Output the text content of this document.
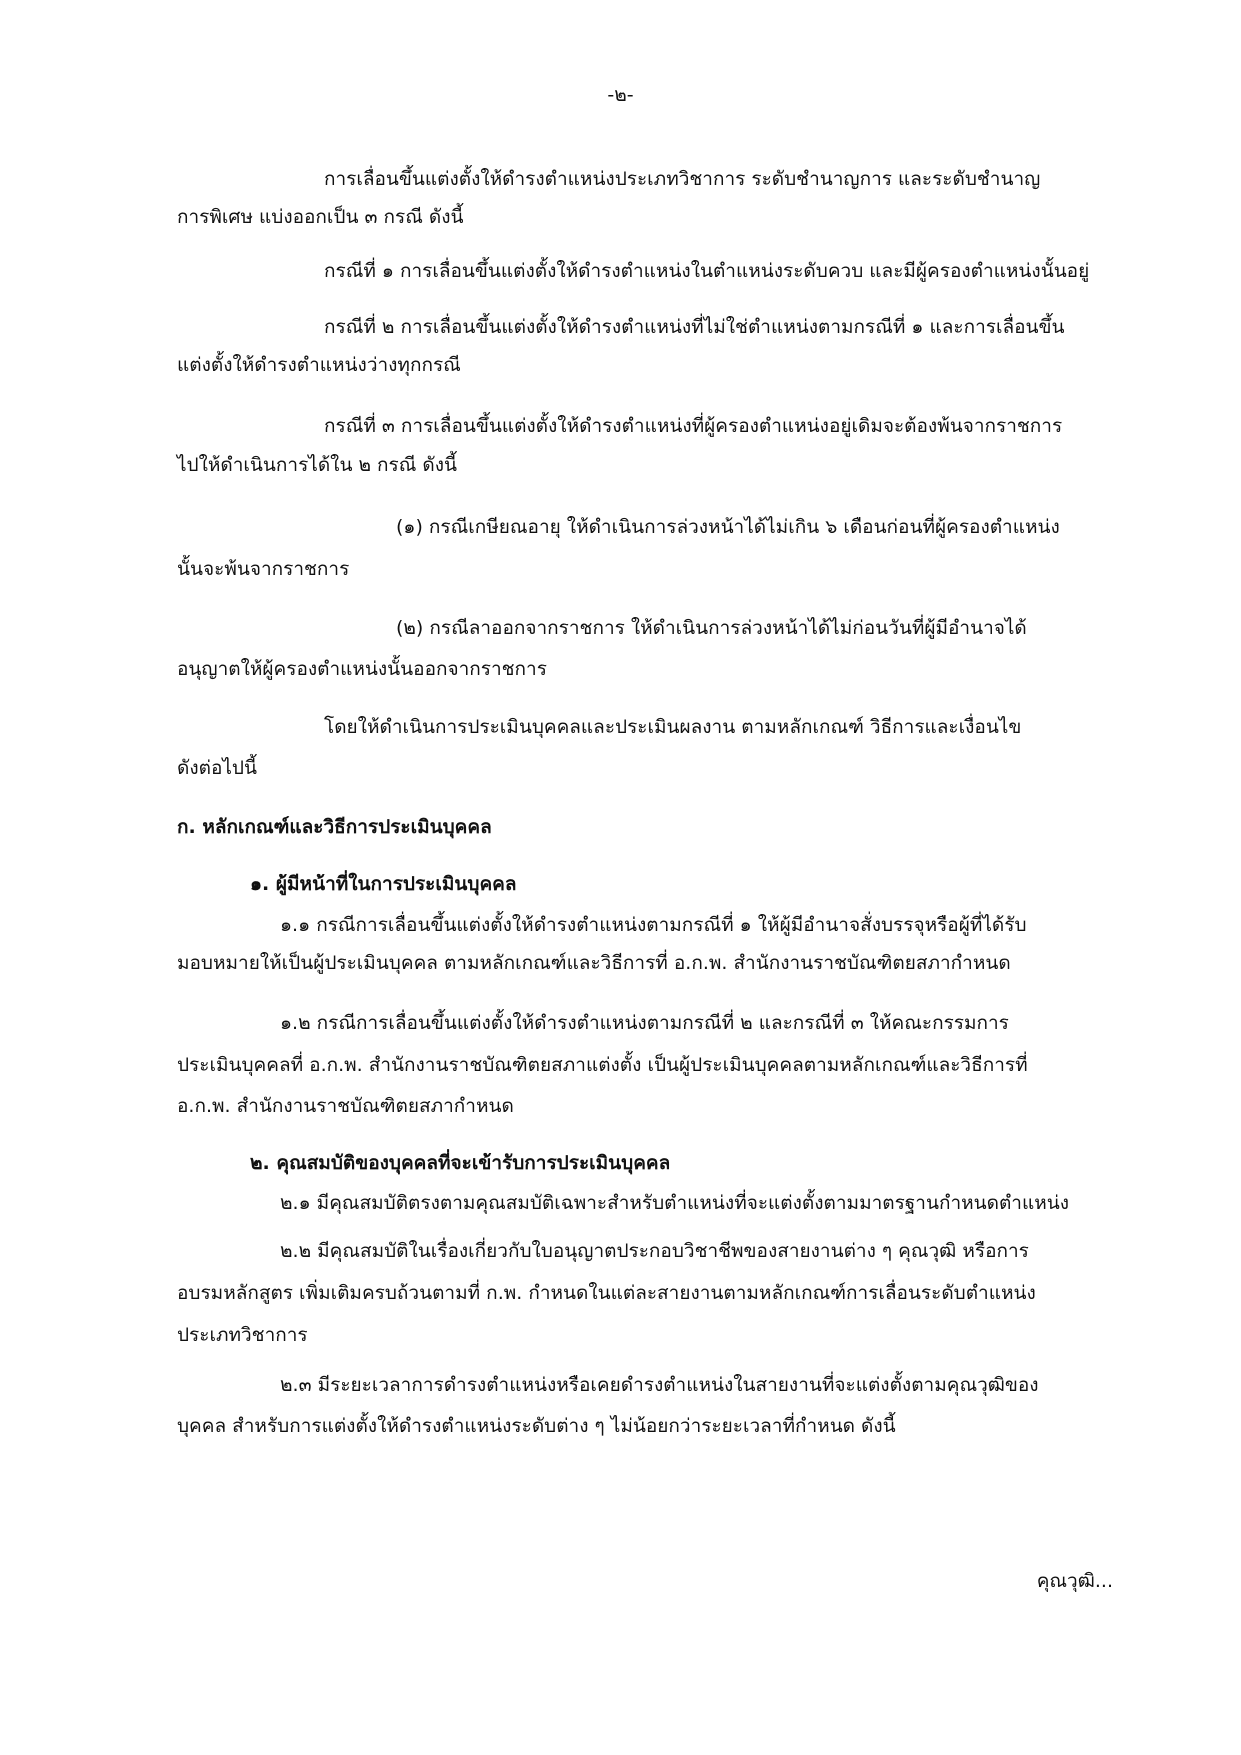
-๒-
การเลื่อนขึ้นแต่งตั้งให้ดำรงตำแหน่งประเภทวิชาการ ระดับชำนาญการ และระดับชำนาญ
การพิเศษ แบ่งออกเป็น ๓ กรณี ดังนี้
กรณีที่ ๑ การเลื่อนขึ้นแต่งตั้งให้ดำรงตำแหน่งในตำแหน่งระดับควบ และมีผู้ครองตำแหน่งนั้นอยู่
กรณีที่ ๒ การเลื่อนขึ้นแต่งตั้งให้ดำรงตำแหน่งที่ไม่ใช่ตำแหน่งตามกรณีที่ ๑ และการเลื่อนขึ้น
แต่งตั้งให้ดำรงตำแหน่งว่างทุกกรณี
กรณีที่ ๓ การเลื่อนขึ้นแต่งตั้งให้ดำรงตำแหน่งที่ผู้ครองตำแหน่งอยู่เดิมจะต้องพ้นจากราชการ
ไปให้ดำเนินการได้ใน ๒ กรณี ดังนี้
(๑) กรณีเกษียณอายุ ให้ดำเนินการล่วงหน้าได้ไม่เกิน ๖ เดือนก่อนที่ผู้ครองตำแหน่ง
นั้นจะพ้นจากราชการ
(๒) กรณีลาออกจากราชการ ให้ดำเนินการล่วงหน้าได้ไม่ก่อนวันที่ผู้มีอำนาจได้
อนุญาตให้ผู้ครองตำแหน่งนั้นออกจากราชการ
โดยให้ดำเนินการประเมินบุคคลและประเมินผลงาน ตามหลักเกณฑ์ วิธีการและเงื่อนไข
ดังต่อไปนี้
ก. หลักเกณฑ์และวิธีการประเมินบุคคล
๑. ผู้มีหน้าที่ในการประเมินบุคคล
๑.๑ กรณีการเลื่อนขึ้นแต่งตั้งให้ดำรงตำแหน่งตามกรณีที่ ๑ ให้ผู้มีอำนาจสั่งบรรจุหรือผู้ที่ได้รับ
มอบหมายให้เป็นผู้ประเมินบุคคล ตามหลักเกณฑ์และวิธีการที่ อ.ก.พ. สำนักงานราชบัณฑิตยสภากำหนด
๑.๒ กรณีการเลื่อนขึ้นแต่งตั้งให้ดำรงตำแหน่งตามกรณีที่ ๒ และกรณีที่ ๓ ให้คณะกรรมการ
ประเมินบุคคลที่ อ.ก.พ. สำนักงานราชบัณฑิตยสภาแต่งตั้ง เป็นผู้ประเมินบุคคลตามหลักเกณฑ์และวิธีการที่
อ.ก.พ. สำนักงานราชบัณฑิตยสภากำหนด
๒. คุณสมบัติของบุคคลที่จะเข้ารับการประเมินบุคคล
๒.๑ มีคุณสมบัติตรงตามคุณสมบัติเฉพาะสำหรับตำแหน่งที่จะแต่งตั้งตามมาตรฐานกำหนดตำแหน่ง
๒.๒ มีคุณสมบัติในเรื่องเกี่ยวกับใบอนุญาตประกอบวิชาชีพของสายงานต่าง ๆ คุณวุฒิ หรือการ
อบรมหลักสูตร เพิ่มเติมครบถ้วนตามที่ ก.พ. กำหนดในแต่ละสายงานตามหลักเกณฑ์การเลื่อนระดับตำแหน่ง
ประเภทวิชาการ
๒.๓ มีระยะเวลาการดำรงตำแหน่งหรือเคยดำรงตำแหน่งในสายงานที่จะแต่งตั้งตามคุณวุฒิของ
บุคคล สำหรับการแต่งตั้งให้ดำรงตำแหน่งระดับต่าง ๆ ไม่น้อยกว่าระยะเวลาที่กำหนด ดังนี้
คุณวุฒิ...
